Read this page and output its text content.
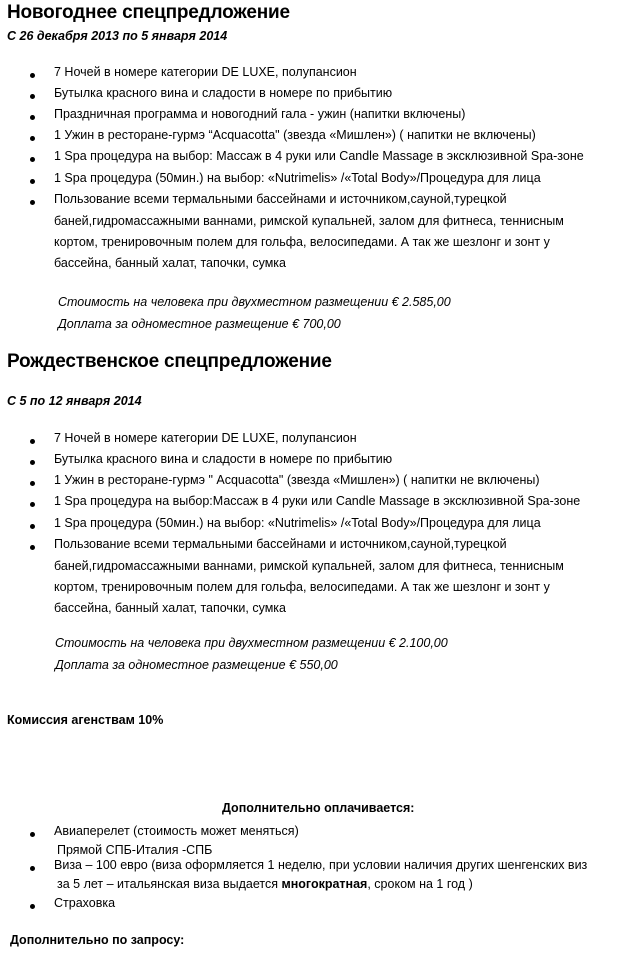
Новогоднее спецпредложение
С 26 декабря 2013 по 5 января 2014
7 Ночей в номере категории DE LUXE, полупансион
Бутылка красного вина и сладости в номере по прибытию
Праздничная программа и новогодний гала - ужин (напитки включены)
1 Ужин в ресторане-гурмэ “Acquacotta" (звезда «Мишлен») ( напитки не включены)
1 Spa процедура на выбор: Массаж в 4 руки или Candle Massage в эксклюзивной Spa-зоне
1 Spa процедура (50мин.) на выбор: «Nutrimelis» /«Total Body»/Процедура для лица
Пользование всеми термальными бассейнами и источником,сауной,турецкой
баней,гидромассажными ваннами, римской купальней, залом для фитнеса, теннисным
кортом, тренировочным полем для гольфа, велосипедами. А так же шезлонг и зонт у
бассейна, банный халат, тапочки, сумка
Стоимость на человека при двухместном размещении € 2.585,00
Доплата за одноместное размещение € 700,00
Рождественское спецпредложение
С 5 по 12 января 2014
7 Ночей в номере категории DE LUXE, полупансион
Бутылка красного вина и сладости в номере по прибытию
1 Ужин в ресторане-гурмэ " Acquacotta" (звезда «Мишлен») ( напитки не включены)
1 Spa процедура на выбор:Массаж в 4 руки или Candle Massage в эксклюзивной Spa-зоне
1 Spa процедура (50мин.) на выбор: «Nutrimelis» /«Total Body»/Процедура для лица
Пользование всеми термальными бассейнами и источником,сауной,турецкой
баней,гидромассажными ваннами, римской купальней, залом для фитнеса, теннисным
кортом, тренировочным полем для гольфа, велосипедами. А так же шезлонг и зонт у
бассейна, банный халат, тапочки, сумка
Стоимость на человека при двухместном размещении € 2.100,00
Доплата за одноместное размещение € 550,00
Комиссия агенствам 10%
Дополнительно оплачивается:
Авиаперелет (стоимость может меняться)
Прямой СПБ-Италия -СПБ
Виза – 100 евро (виза оформляется 1 неделю, при условии наличия других шенгенских виз
за 5 лет – итальянская виза выдается многократная, сроком на 1 год )
Страховка
Дополнительно по запросу:
